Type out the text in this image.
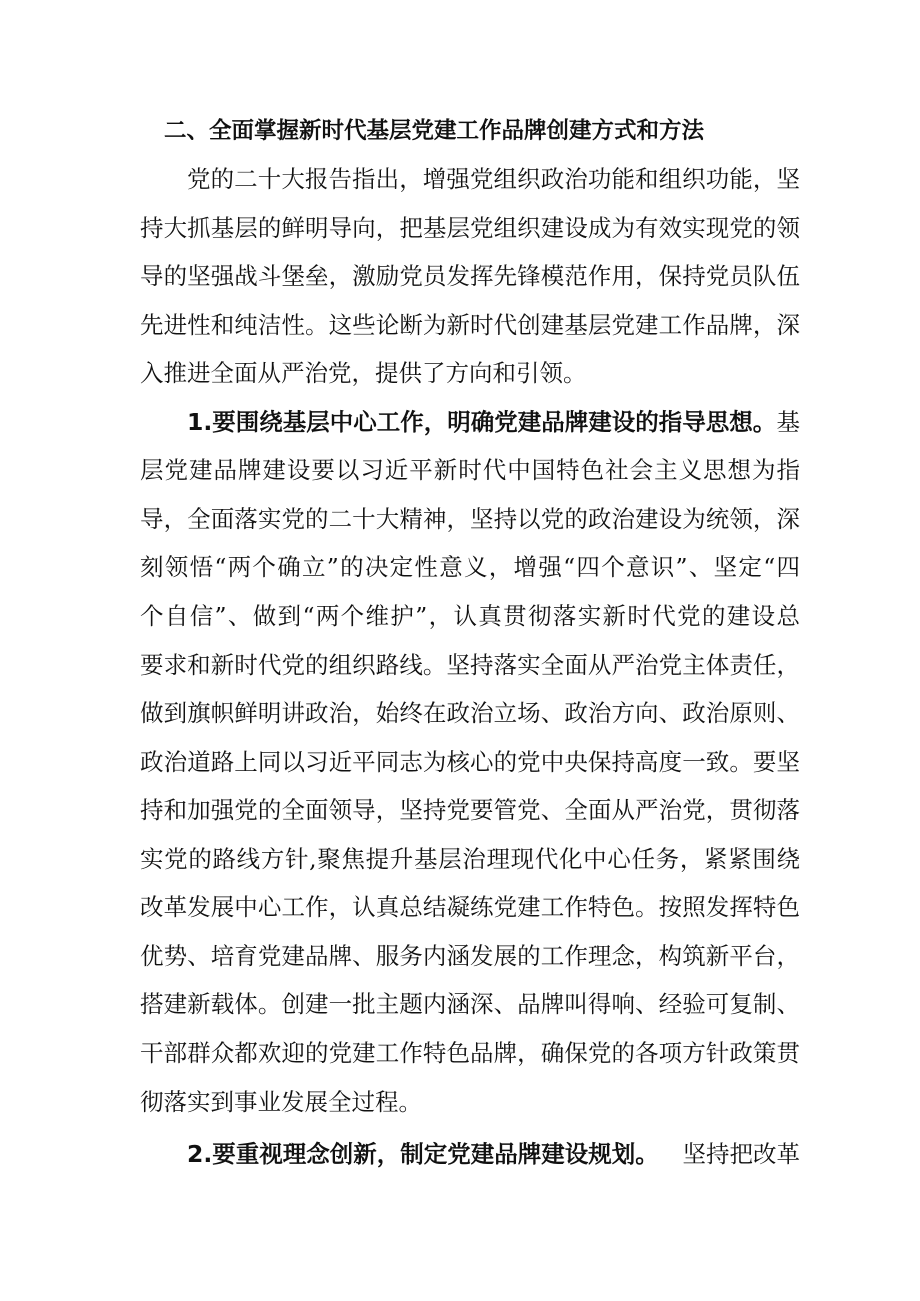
二、全面掌握新时代基层党建工作品牌创建方式和方法
党的二十大报告指出，增强党组织政治功能和组织功能，坚
持大抓基层的鲜明导向，把基层党组织建设成为有效实现党的领
导的坚强战斗堡垒，激励党员发挥先锋模范作用，保持党员队伍
先进性和纯洁性。这些论断为新时代创建基层党建工作品牌，深
入推进全面从严治党，提供了方向和引领。
1.要围绕基层中心工作，明确党建品牌建设的指导思想。 基
层党建品牌建设要以习近平新时代中国特色社会主义思想为指
导，全面落实党的二十大精神，坚持以党的政治建设为统领，深
刻领悟“两个确立”的决定性意义，增强“四个意识”、坚定“四
个自信”、做到“两个维护”，认真贯彻落实新时代党的建设总
要求和新时代党的组织路线。坚持落实全面从严治党主体责任，
做到旗帜鲜明讲政治，始终在政治立场、政治方向、政治原则、
政治道路上同以习近平同志为核心的党中央保持高度一致。要坚
持和加强党的全面领导，坚持党要管党、全面从严治党，贯彻落
实党的路线方针,聚焦提升基层治理现代化中心任务，紧紧围绕
改革发展中心工作，认真总结凝练党建工作特色。按照发挥特色
优势、培育党建品牌、服务内涵发展的工作理念，构筑新平台，
搭建新载体。创建一批主题内涵深、品牌叫得响、经验可复制、
干部群众都欢迎的党建工作特色品牌，确保党的各项方针政策贯
彻落实到事业发展全过程。
2.要重视理念创新，制定党建品牌建设规划。 坚持把改革
